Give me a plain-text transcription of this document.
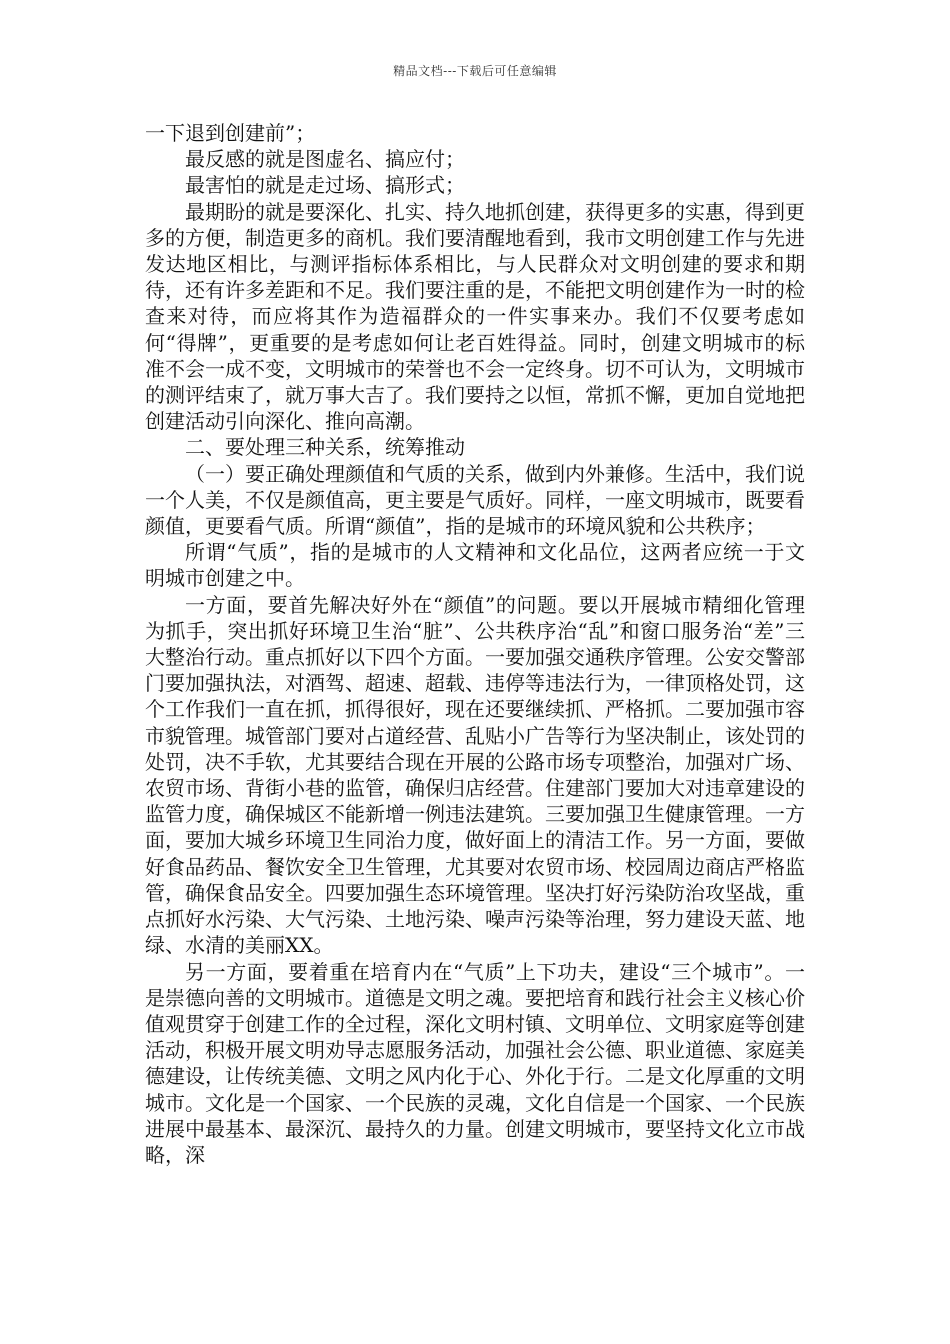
精品文档---下载后可任意编辑

一下退到创建前”；

最反感的就是图虚名、搞应付；

最害怕的就是走过场、搞形式；

最期盼的就是要深化、扎实、持久地抓创建，获得更多的实惠，得到更多的方便，制造更多的商机。我们要清醒地看到，我市文明创建工作与先进发达地区相比，与测评指标体系相比，与人民群众对文明创建的要求和期待，还有许多差距和不足。我们要注重的是，不能把文明创建作为一时的检查来对待，而应将其作为造福群众的一件实事来办。我们不仅要考虑如何“得牌”，更重要的是考虑如何让老百姓得益。同时，创建文明城市的标准不会一成不变，文明城市的荣誉也不会一定终身。切不可认为，文明城市的测评结束了，就万事大吉了。我们要持之以恒，常抓不懈，更加自觉地把创建活动引向深化、推向高潮。

二、要处理三种关系，统筹推动

（一）要正确处理颜值和气质的关系，做到内外兼修。生活中，我们说一个人美，不仅是颜值高，更主要是气质好。同样，一座文明城市，既要看颜值，更要看气质。所谓“颜值”，指的是城市的环境风貌和公共秩序；

所谓“气质”，指的是城市的人文精神和文化品位，这两者应统一于文明城市创建之中。

一方面，要首先解决好外在“颜值”的问题。要以开展城市精细化管理为抓手，突出抓好环境卫生治“脏”、公共秩序治“乱”和窗口服务治“差”三大整治行动。重点抓好以下四个方面。一要加强交通秩序管理。公安交警部门要加强执法，对酒驾、超速、超载、违停等违法行为，一律顶格处罚，这个工作我们一直在抓，抓得很好，现在还要继续抓、严格抓。二要加强市容市貌管理。城管部门要对占道经营、乱贴小广告等行为坚决制止，该处罚的处罚，决不手软，尤其要结合现在开展的公路市场专项整治，加强对广场、农贸市场、背街小巷的监管，确保归店经营。住建部门要加大对违章建设的监管力度，确保城区不能新增一例违法建筑。三要加强卫生健康管理。一方面，要加大城乡环境卫生同治力度，做好面上的清洁工作。另一方面，要做好食品药品、餐饮安全卫生管理，尤其要对农贸市场、校园周边商店严格监管，确保食品安全。四要加强生态环境管理。坚决打好污染防治攻坚战，重点抓好水污染、大气污染、土地污染、噪声污染等治理，努力建设天蓝、地绿、水清的美丽XX。

另一方面，要着重在培育内在“气质”上下功夫，建设“三个城市”。一是崇德向善的文明城市。道德是文明之魂。要把培育和践行社会主义核心价值观贯穿于创建工作的全过程，深化文明村镇、文明单位、文明家庭等创建活动，积极开展文明劝导志愿服务活动，加强社会公德、职业道德、家庭美德建设，让传统美德、文明之风内化于心、外化于行。二是文化厚重的文明城市。文化是一个国家、一个民族的灵魂，文化自信是一个国家、一个民族进展中最基本、最深沉、最持久的力量。创建文明城市，要坚持文化立市战略，深
